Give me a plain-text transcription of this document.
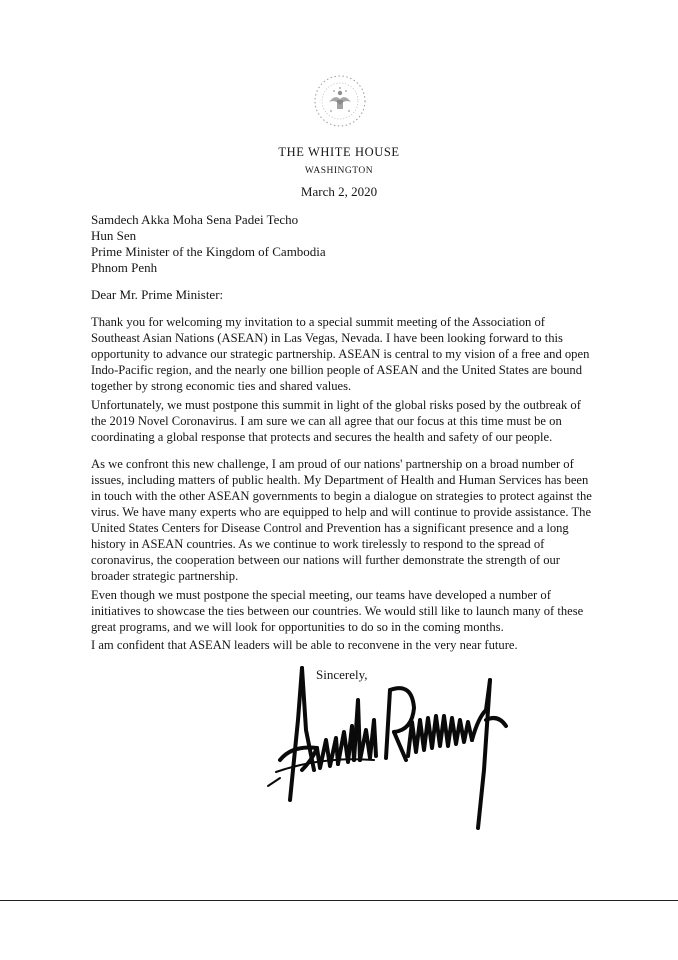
THE WHITE HOUSE
WASHINGTON
March 2, 2020
Samdech Akka Moha Sena Padei Techo
Hun Sen
Prime Minister of the Kingdom of Cambodia
Phnom Penh
Dear Mr. Prime Minister:

Thank you for welcoming my invitation to a special summit meeting of the Association of Southeast Asian Nations (ASEAN) in Las Vegas, Nevada. I have been looking forward to this opportunity to advance our strategic partnership. ASEAN is central to my vision of a free and open Indo-Pacific region, and the nearly one billion people of ASEAN and the United States are bound together by strong economic ties and shared values.

Unfortunately, we must postpone this summit in light of the global risks posed by the outbreak of the 2019 Novel Coronavirus. I am sure we can all agree that our focus at this time must be on coordinating a global response that protects and secures the health and safety of our people.

As we confront this new challenge, I am proud of our nations' partnership on a broad number of issues, including matters of public health. My Department of Health and Human Services has been in touch with the other ASEAN governments to begin a dialogue on strategies to protect against the virus. We have many experts who are equipped to help and will continue to provide assistance. The United States Centers for Disease Control and Prevention has a significant presence and a long history in ASEAN countries. As we continue to work tirelessly to respond to the spread of coronavirus, the cooperation between our nations will further demonstrate the strength of our broader strategic partnership.

Even though we must postpone the special meeting, our teams have developed a number of initiatives to showcase the ties between our countries. We would still like to launch many of these great programs, and we will look for opportunities to do so in the coming months.

I am confident that ASEAN leaders will be able to reconvene in the very near future.

Sincerely,
